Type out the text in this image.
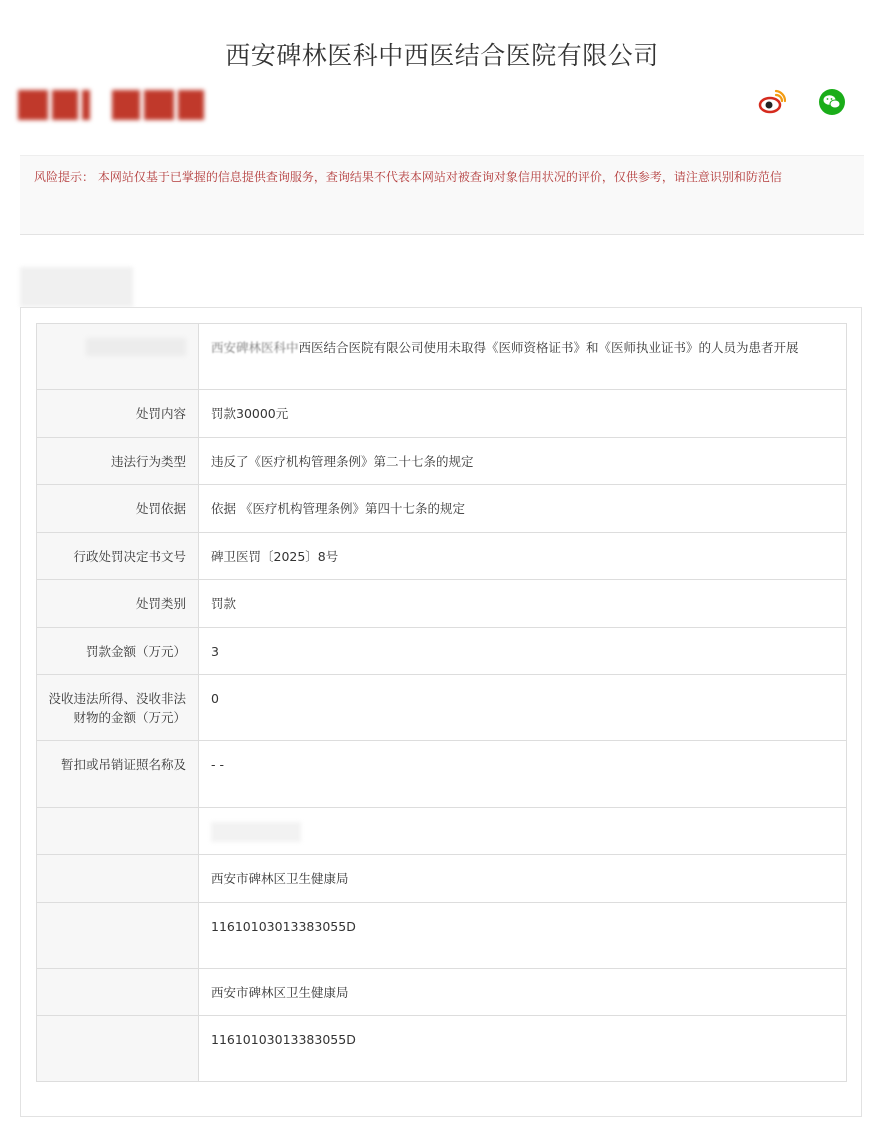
西安碑林医科中西医结合医院有限公司
风险提示： 本网站仅基于已掌握的信息提供查询服务，查询结果不代表本网站对被查询对象信用状况的评价，仅供参考，请注意识别和防范信
	西安碑林医科中西医结合医院有限公司使用未取得《医师资格证书》和《医师执业证书》的人员为患者开展
处罚内容	罚款30000元
违法行为类型	违反了《医疗机构管理条例》第二十七条的规定
处罚依据	依据 《医疗机构管理条例》第四十七条的规定
行政处罚决定书文号	碑卫医罚〔2025〕8号
处罚类别	罚款
罚款金额（万元）	3
没收违法所得、没收非法财物的金额（万元）	0
暂扣或吊销证照名称及	- -

	西安市碑林区卫生健康局
	11610103013383055D
	西安市碑林区卫生健康局
	11610103013383055D
